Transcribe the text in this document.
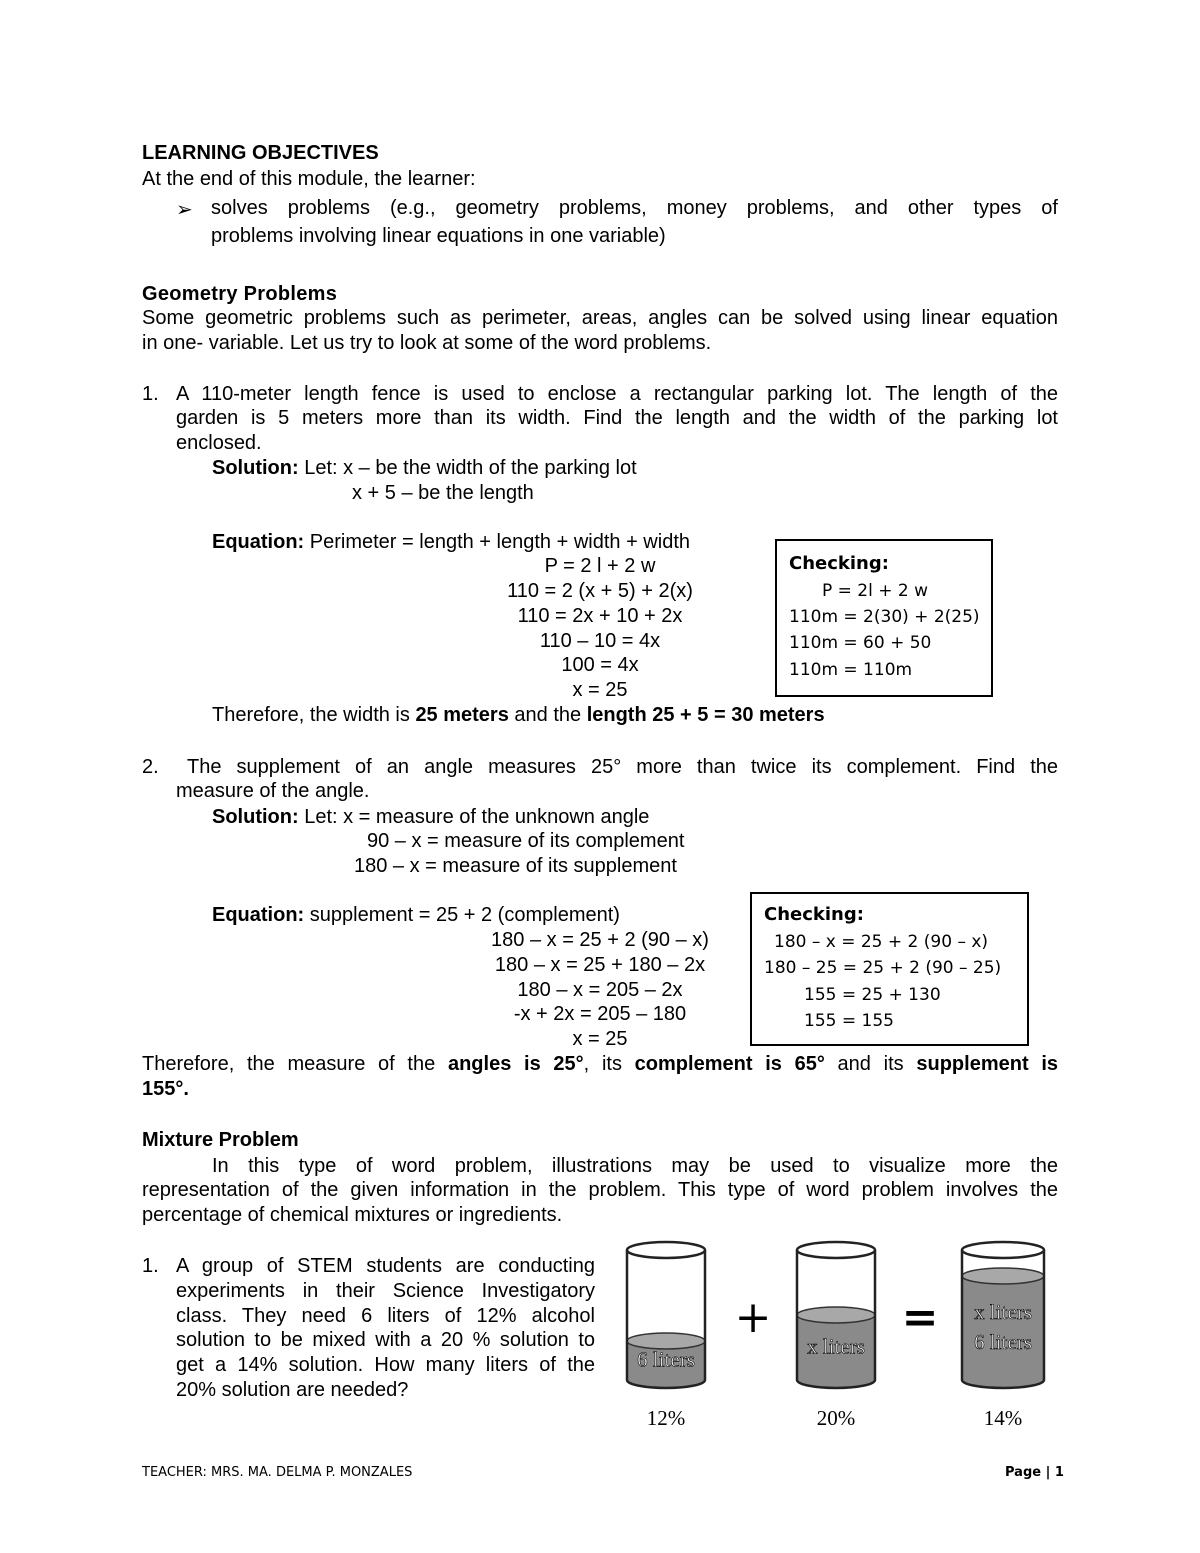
LEARNING OBJECTIVES
At the end of this module, the learner:
➢ solves problems (e.g., geometry problems, money problems, and other types of
problems involving linear equations in one variable)
Geometry Problems
Some geometric problems such as perimeter, areas, angles can be solved using linear equation
in one- variable. Let us try to look at some of the word problems.
1. A 110-meter length fence is used to enclose a rectangular parking lot. The length of the
garden is 5 meters more than its width. Find the length and the width of the parking lot
enclosed.
Solution: Let: x – be the width of the parking lot
x + 5 – be the length
Equation: Perimeter = length + length + width + width
P = 2 l + 2 w
110 = 2 (x + 5) + 2(x)
110 = 2x + 10 + 2x
110 – 10 = 4x
100 = 4x
x = 25
Therefore, the width is 25 meters and the length 25 + 5 = 30 meters
Checking:
P = 2l + 2 w
110m = 2(30) + 2(25)
110m = 60 + 50
110m = 110m
2. The supplement of an angle measures 25° more than twice its complement. Find the
measure of the angle.
Solution: Let: x = measure of the unknown angle
90 – x = measure of its complement
180 – x = measure of its supplement
Equation: supplement = 25 + 2 (complement)
180 – x = 25 + 2 (90 – x)
180 – x = 25 + 180 – 2x
180 – x = 205 – 2x
-x + 2x = 205 – 180
x = 25
Therefore, the measure of the angles is 25°, its complement is 65° and its supplement is
155°.
Checking:
180 – x = 25 + 2 (90 – x)
180 – 25 = 25 + 2 (90 – 25)
155 = 25 + 130
155 = 155
Mixture Problem
In this type of word problem, illustrations may be used to visualize more the
representation of the given information in the problem. This type of word problem involves the
percentage of chemical mixtures or ingredients.
1. A group of STEM students are conducting
experiments in their Science Investigatory
class. They need 6 liters of 12% alcohol
solution to be mixed with a 20 % solution to
get a 14% solution. How many liters of the
20% solution are needed?
6 liters
x liters
x liters
6 liters
+	=
12%	20%	14%
TEACHER: MRS. MA. DELMA P. MONZALES	Page | 1
